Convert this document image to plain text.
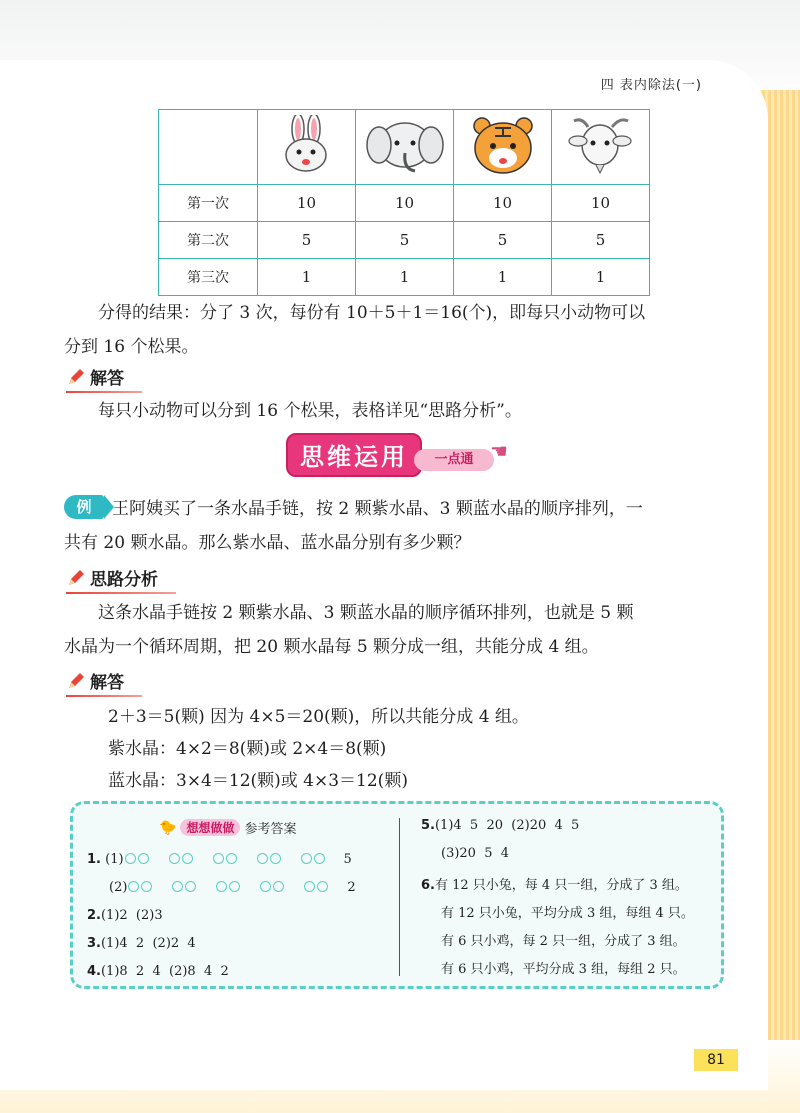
四 表内除法(一)

第一次	10	10	10	10
第二次	5	5	5	5
第三次	1	1	1	1
分得的结果：分了 3 次，每份有 10＋5＋1＝16(个)，即每只小动物可以
分到 16 个松果。
解答
每只小动物可以分到 16 个松果，表格详见“思路分析”。
思维运用	一点通 ☚
例 王阿姨买了一条水晶手链，按 2 颗紫水晶、3 颗蓝水晶的顺序排列，一
共有 20 颗水晶。那么紫水晶、蓝水晶分别有多少颗？
思路分析
这条水晶手链按 2 颗紫水晶、3 颗蓝水晶的顺序循环排列，也就是 5 颗
水晶为一个循环周期，把 20 颗水晶每 5 颗分成一组，共能分成 4 组。
解答
2＋3＝5(颗) 因为 4×5＝20(颗)，所以共能分成 4 组。
紫水晶：4×2＝8(颗)或 2×4＝8(颗)
蓝水晶：3×4＝12(颗)或 4×3＝12(颗)
🐤 想想做做 参考答案
1. (1)	5
(2)	2
2.(1)2  (2)3
3.(1)4  2  (2)2  4
4.(1)8  2  4  (2)8  4  2
5.(1)4  5  20  (2)20  4  5
(3)20  5  4
6.有 12 只小兔，每 4 只一组，分成了 3 组。
有 12 只小兔，平均分成 3 组，每组 4 只。
有 6 只小鸡，每 2 只一组，分成了 3 组。
有 6 只小鸡，平均分成 3 组，每组 2 只。
81
